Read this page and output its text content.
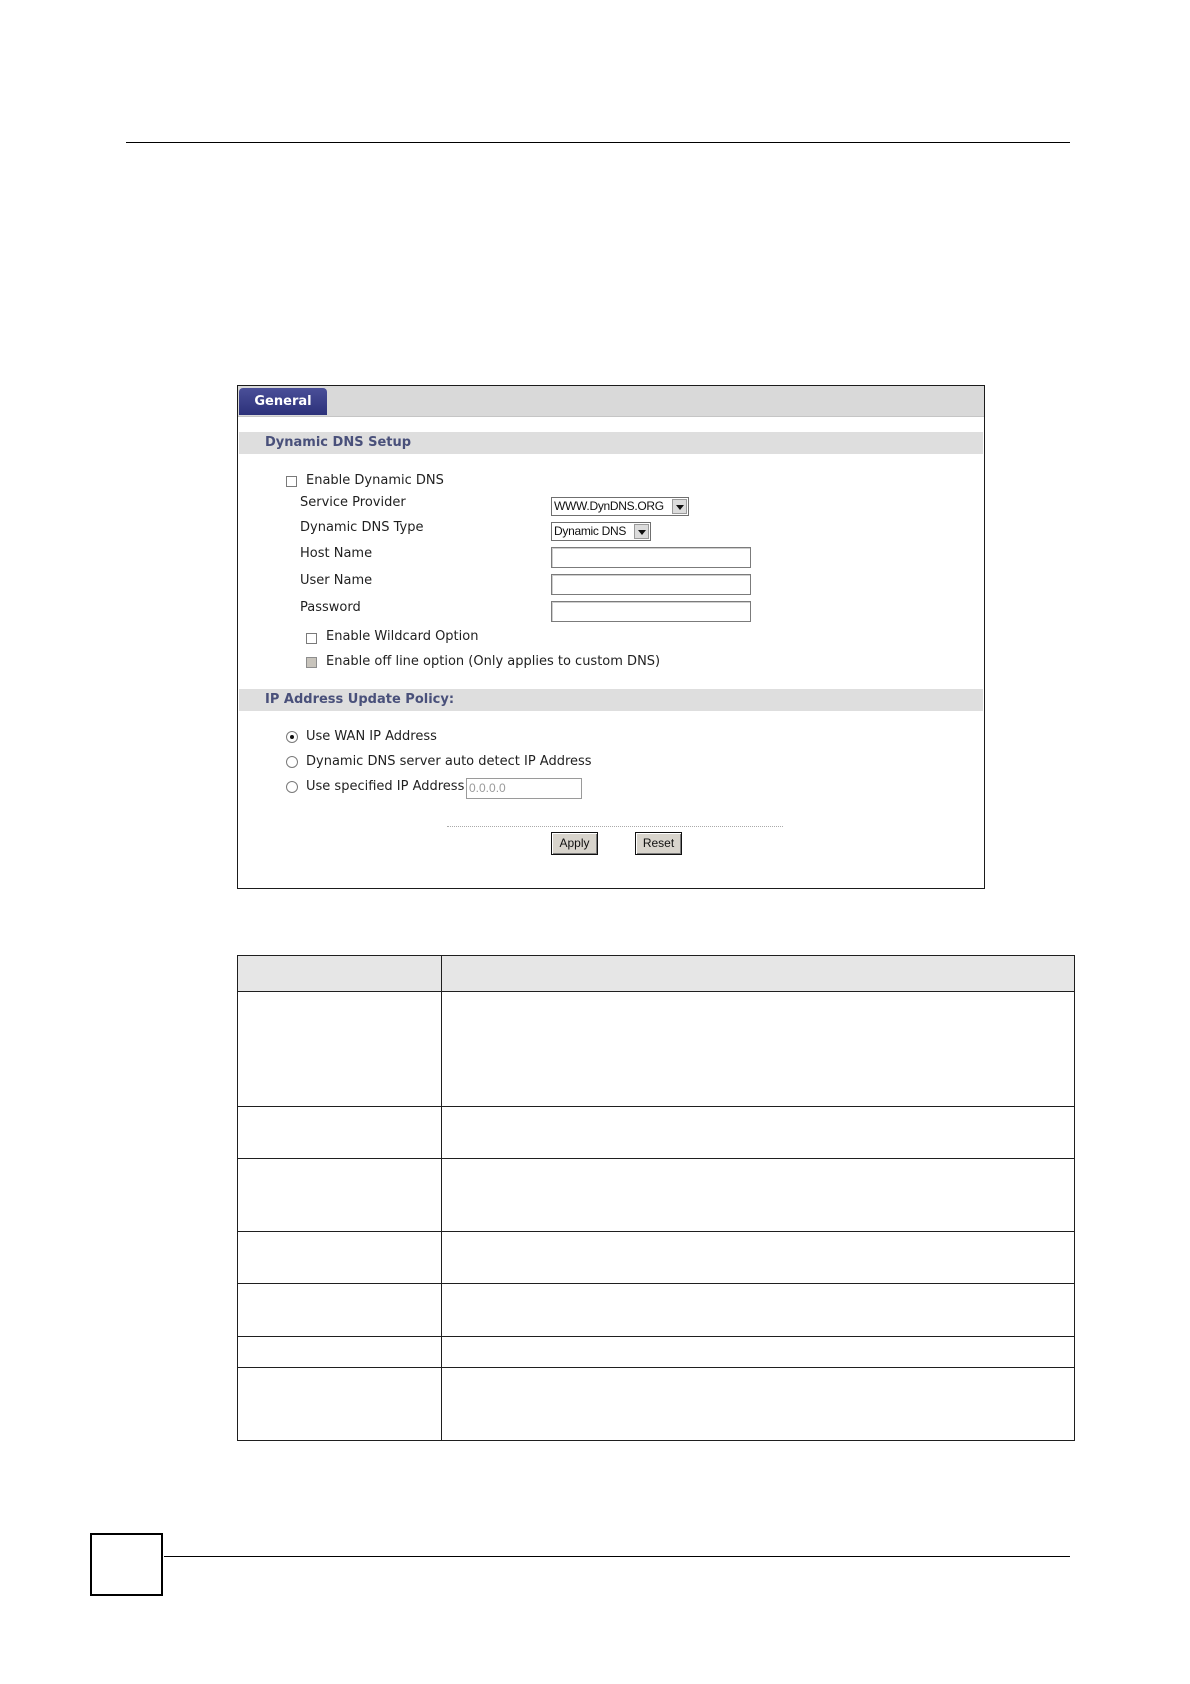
General
Dynamic DNS Setup
Enable Dynamic DNS
Service Provider	WWW.DynDNS.ORG
Dynamic DNS Type	Dynamic DNS
Host Name
User Name
Password
Enable Wildcard Option
Enable off line option (Only applies to custom DNS)
IP Address Update Policy:
Use WAN IP Address
Dynamic DNS server auto detect IP Address
Use specified IP Address 0.0.0.0
Apply	Reset
